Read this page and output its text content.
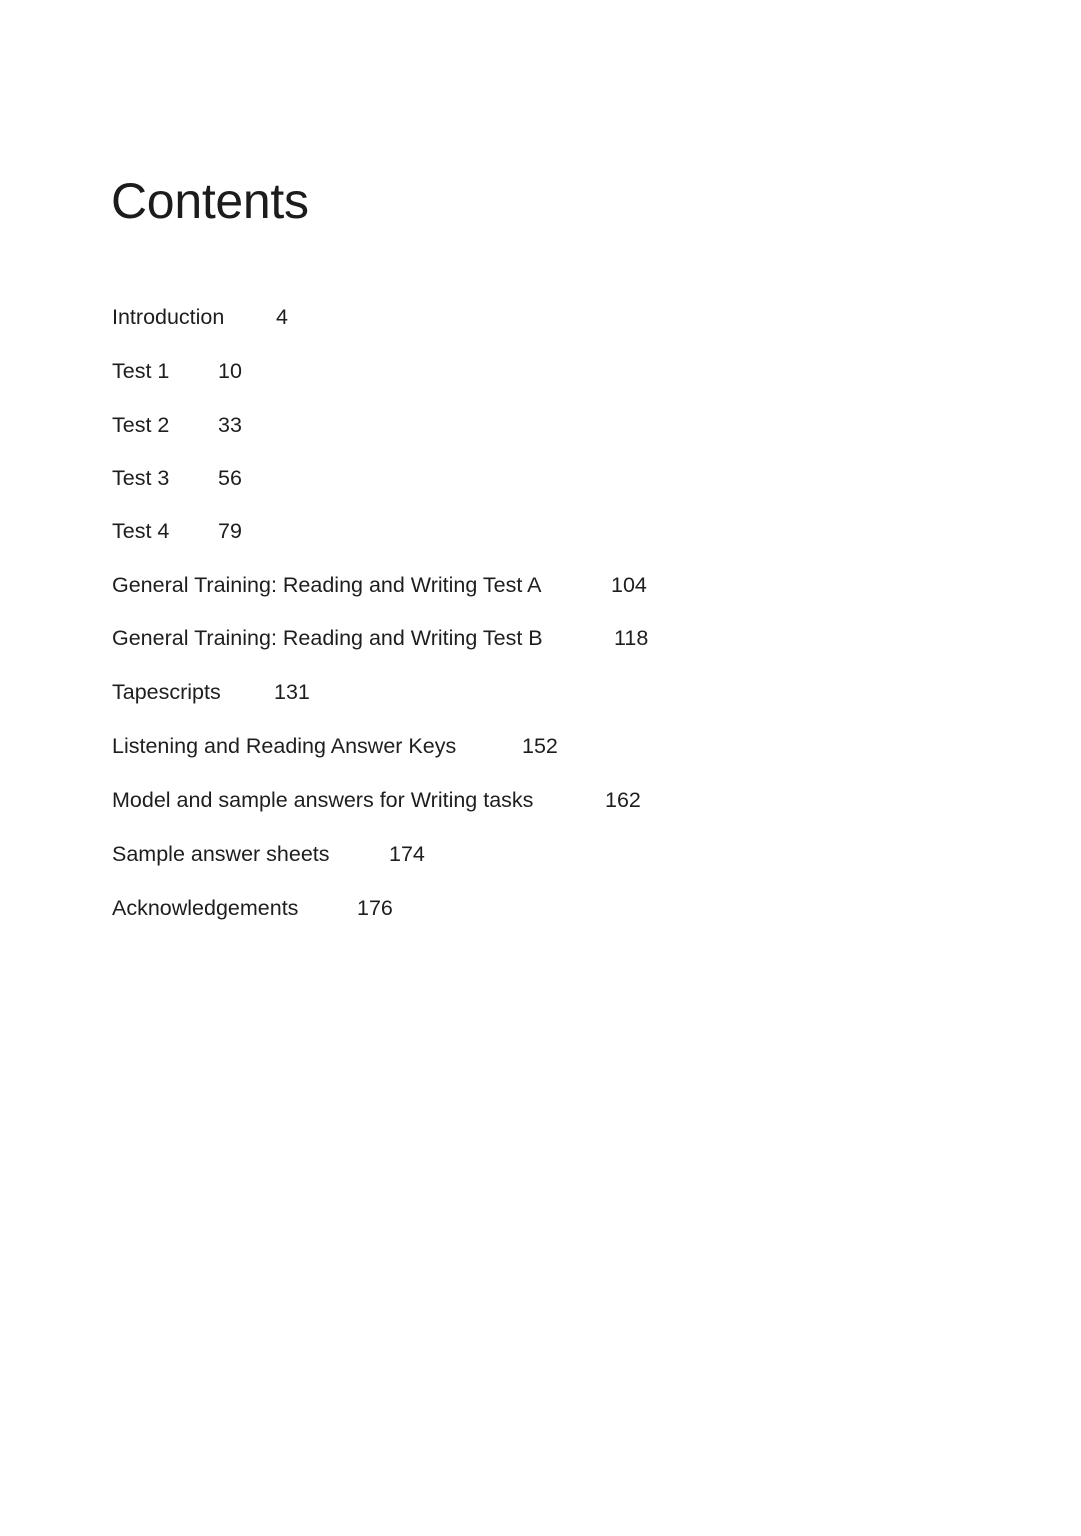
Contents
Introduction 4
Test 1 10
Test 2 33
Test 3 56
Test 4 79
General Training: Reading and Writing Test A	104
General Training: Reading and Writing Test B	118
Tapescripts 131
Listening and Reading Answer Keys	152
Model and sample answers for Writing tasks	162
Sample answer sheets	174
Acknowledgements	176
